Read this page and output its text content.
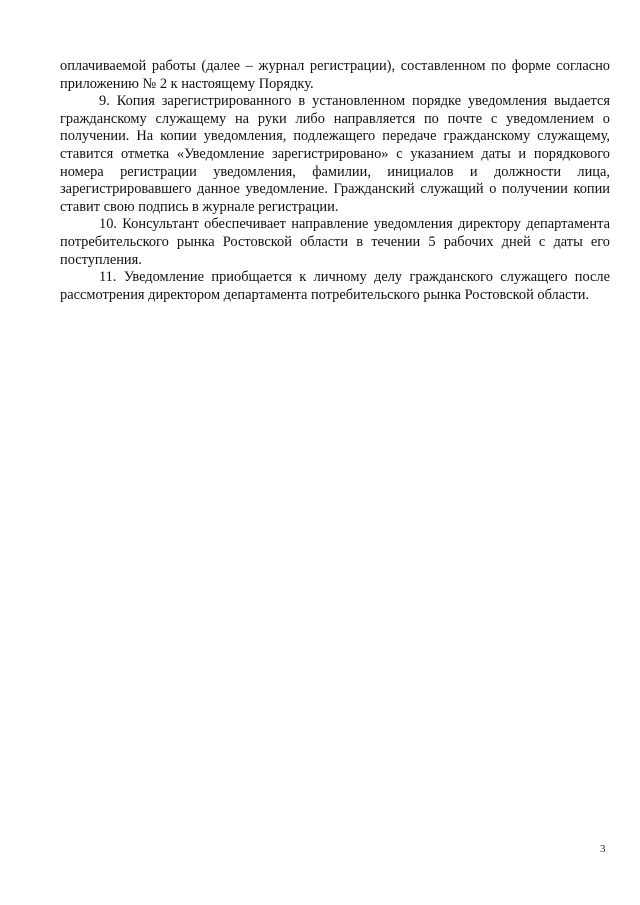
оплачиваемой работы (далее – журнал регистрации), составленном по форме согласно приложению № 2 к настоящему Порядку.

9. Копия зарегистрированного в установленном порядке уведомления выдается гражданскому служащему на руки либо направляется по почте с уведомлением о получении. На копии уведомления, подлежащего передаче гражданскому служащему, ставится отметка «Уведомление зарегистрировано» с указанием даты и порядкового номера регистрации уведомления, фамилии, инициалов и должности лица, зарегистрировавшего данное уведомление. Гражданский служащий о получении копии ставит свою подпись в журнале регистрации.

10. Консультант обеспечивает направление уведомления директору департамента потребительского рынка Ростовской области в течении 5 рабочих дней с даты его поступления.

11. Уведомление приобщается к личному делу гражданского служащего после рассмотрения директором департамента потребительского рынка Ростовской области.

3
